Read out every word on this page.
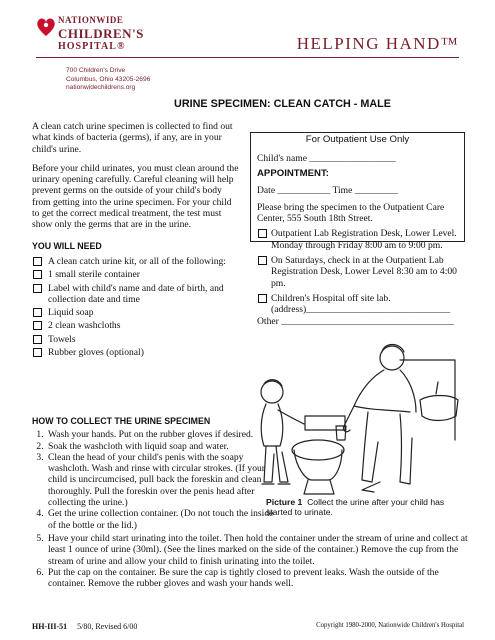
NATIONWIDE
CHILDREN'S
HOSPITAL®	HELPING HAND™
700 Children's Drive
Columbus, Ohio 43205-2696
nationwidechildrens.org
URINE SPECIMEN: CLEAN CATCH - MALE

A clean catch urine specimen is collected to find out what kinds of bacteria (germs), if any, are in your child's urine.

Before your child urinates, you must clean around the urinary opening carefully. Careful cleaning will help prevent germs on the outside of your child's body from getting into the urine specimen. For your child to get the correct medical treatment, the test must show only the germs that are in the urine.

YOU WILL NEED
A clean catch urine kit, or all of the following:
1 small sterile container
Label with child's name and date of birth, and collection date and time
Liquid soap
2 clean washcloths
Towels
Rubber gloves (optional)
For Outpatient Use Only
Child's name __________________
APPOINTMENT:
Date ___________ Time _________
Please bring the specimen to the Outpatient Care Center, 555 South 18th Street.
Outpatient Lab Registration Desk, Lower Level. Monday through Friday 8:00 am to 9:00 pm.
On Saturdays, check in at the Outpatient Lab Registration Desk, Lower Level 8:30 am to 4:00 pm.
Children's Hospital off site lab. (address)______________________________
Other ____________________________________
Picture 1 Collect the urine after your child has started to urinate.
HOW TO COLLECT THE URINE SPECIMEN
1. Wash your hands. Put on the rubber gloves if desired.
2. Soak the washcloth with liquid soap and water.
3. Clean the head of your child's penis with the soapy washcloth. Wash and rinse with circular strokes. (If your child is uncircumcised, pull back the foreskin and clean thoroughly. Pull the foreskin over the penis head after collecting the urine.)
4. Get the urine collection container. (Do not touch the inside of the bottle or the lid.)
5. Have your child start urinating into the toilet. Then hold the container under the stream of urine and collect at least 1 ounce of urine (30ml). (See the lines marked on the side of the container.) Remove the cup from the stream of urine and allow your child to finish urinating into the toilet.
6. Put the cap on the container. Be sure the cap is tightly closed to prevent leaks. Wash the outside of the container. Remove the rubber gloves and wash your hands well.
HH-III-51 5/80, Revised 6/00	Copyright 1980-2000, Nationwide Children's Hospital
